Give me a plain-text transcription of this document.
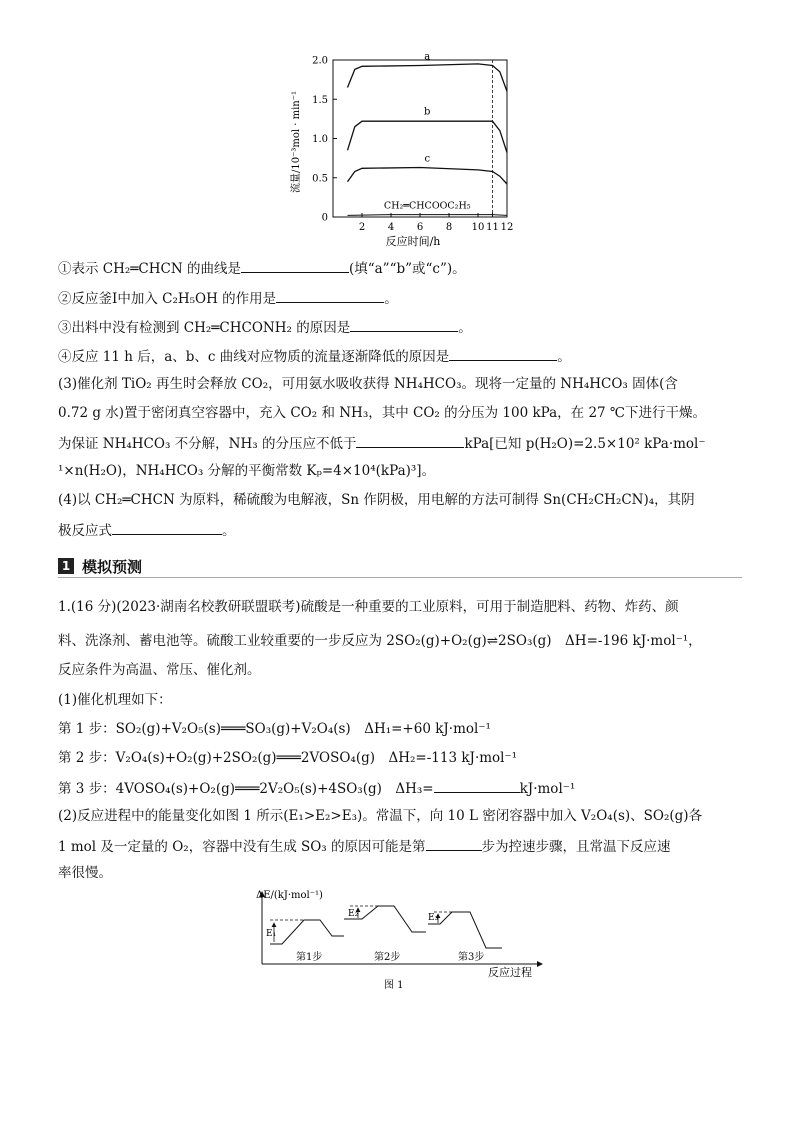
流量/10⁻³mol · min⁻¹
0
0.5
1.0
1.5
2.0
2 4 6 8 10 11 12
a
b
c
CH₂═CHCOOC₂H₅
反应时间/h
①表示 CH₂═CHCN 的曲线是	(填“a”“b”或“c”)。
②反应釜Ⅰ中加入 C₂H₅OH 的作用是	。
③出料中没有检测到 CH₂═CHCONH₂ 的原因是	。
④反应 11 h 后，a、b、c 曲线对应物质的流量逐渐降低的原因是	。
(3)催化剂 TiO₂ 再生时会释放 CO₂，可用氨水吸收获得 NH₄HCO₃。现将一定量的 NH₄HCO₃ 固体(含
0.72 g 水)置于密闭真空容器中，充入 CO₂ 和 NH₃，其中 CO₂ 的分压为 100 kPa，在 27 ℃下进行干燥。
为保证 NH₄HCO₃ 不分解，NH₃ 的分压应不低于	kPa[已知 p(H₂O)=2.5×10² kPa·mol⁻
¹×n(H₂O)，NH₄HCO₃ 分解的平衡常数 Kₚ=4×10⁴(kPa)³]。
(4)以 CH₂═CHCN 为原料，稀硫酸为电解液，Sn 作阴极，用电解的方法可制得 Sn(CH₂CH₂CN)₄，其阴
极反应式	。
1 模拟预测
1.(16 分)(2023·湖南名校教研联盟联考)硫酸是一种重要的工业原料，可用于制造肥料、药物、炸药、颜
料、洗涤剂、蓄电池等。硫酸工业较重要的一步反应为 2SO₂(g)+O₂(g)⇌2SO₃(g)　ΔH=-196 kJ·mol⁻¹，
反应条件为高温、常压、催化剂。
(1)催化机理如下：
第 1 步：SO₂(g)+V₂O₅(s)═══SO₃(g)+V₂O₄(s)　ΔH₁=+60 kJ·mol⁻¹
第 2 步：V₂O₄(s)+O₂(g)+2SO₂(g)═══2VOSO₄(g)　ΔH₂=-113 kJ·mol⁻¹
第 3 步：4VOSO₄(s)+O₂(g)═══2V₂O₅(s)+4SO₃(g)　ΔH₃=	kJ·mol⁻¹
(2)反应进程中的能量变化如图 1 所示(E₁>E₂>E₃)。常温下，向 10 L 密闭容器中加入 V₂O₄(s)、SO₂(g)各
1 mol 及一定量的 O₂，容器中没有生成 SO₃ 的原因可能是第	步为控速步骤，且常温下反应速
率很慢。
ΔE/(kJ·mol⁻¹)
反应过程
E₁
第1步
E₂
第2步
E₃
第3步
图 1
